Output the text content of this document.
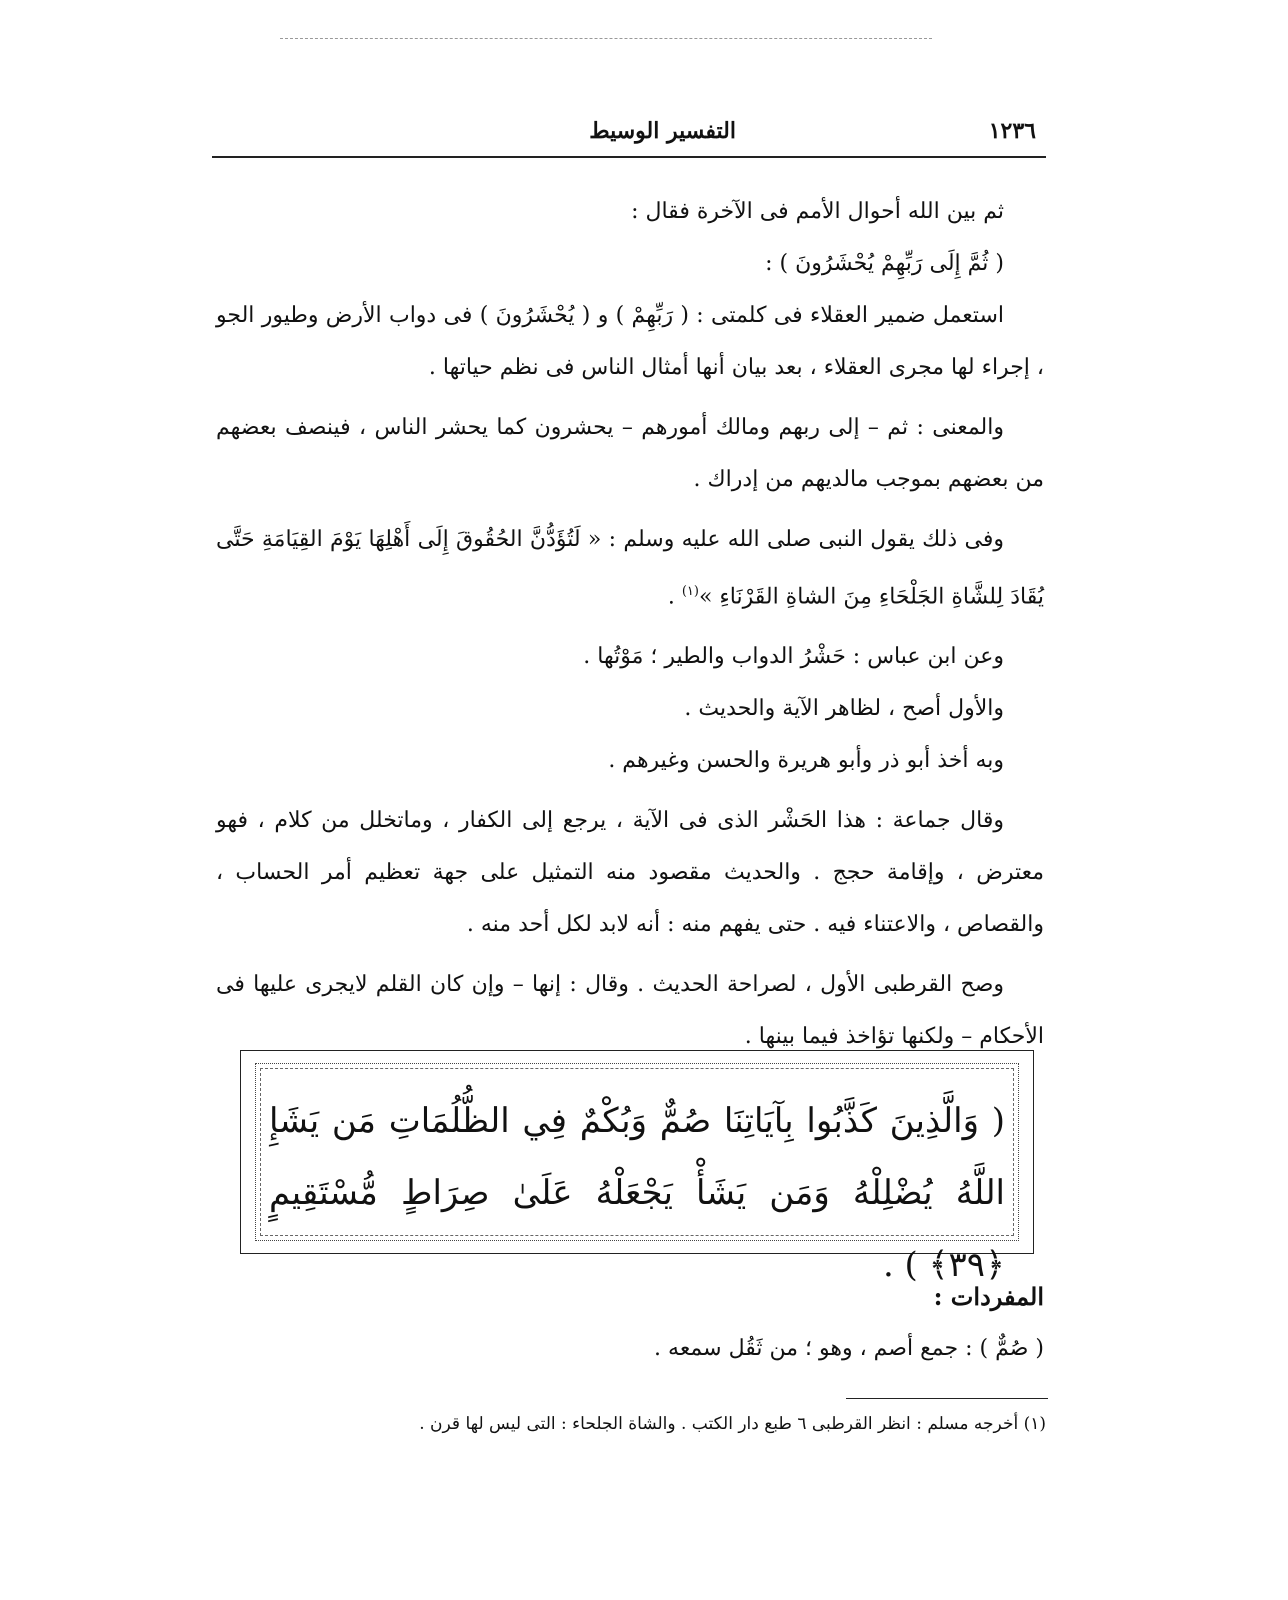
١٢٣٦
التفسير الوسيط

ثم بين الله أحوال الأمم فى الآخرة فقال :

( ثُمَّ إِلَى رَبِّهِمْ يُحْشَرُونَ ) :

استعمل ضمير العقلاء فى كلمتى : ( رَبِّهِمْ ) و ( يُحْشَرُونَ ) فى دواب الأرض وطيور الجو ، إجراء لها مجرى العقلاء ، بعد بيان أنها أمثال الناس فى نظم حياتها .

والمعنى : ثم – إلى ربهم ومالك أمورهم – يحشرون كما يحشر الناس ، فينصف بعضهم من بعضهم بموجب مالديهم من إدراك .

وفى ذلك يقول النبى صلى الله عليه وسلم : « لَتُؤَدُّنَّ الحُقُوقَ إِلَى أَهْلِهَا يَوْمَ القِيَامَةِ حَتَّى يُقَادَ لِلشَّاةِ الجَلْحَاءِ مِنَ الشاةِ القَرْنَاءِ »$^{(١)}$ .

وعن ابن عباس : حَشْرُ الدواب والطير ؛ مَوْتُها .

والأول أصح ، لظاهر الآية والحديث .

وبه أخذ أبو ذر وأبو هريرة والحسن وغيرهم .

وقال جماعة : هذا الحَشْر الذى فى الآية ، يرجع إلى الكفار ، وماتخلل من كلام ، فهو معترض ، وإقامة حجج . والحديث مقصود منه التمثيل على جهة تعظيم أمر الحساب ، والقصاص ، والاعتناء فيه . حتى يفهم منه : أنه لابد لكل أحد منه .

وصح القرطبى الأول ، لصراحة الحديث . وقال : إنها – وإن كان القلم لايجرى عليها فى الأحكام – ولكنها تؤاخذ فيما بينها .

( وَالَّذِينَ كَذَّبُوا بِآيَاتِنَا صُمٌّ وَبُكْمٌ فِي الظُّلُمَاتِ مَن يَشَإِ اللَّهُ يُضْلِلْهُ وَمَن يَشَأْ يَجْعَلْهُ عَلَىٰ صِرَاطٍ مُّسْتَقِيمٍ ﴿٣٩﴾ ) .
المفردات :
( صُمٌّ ) : جمع أصم ، وهو ؛ من ثَقُل سمعه .
(١) أخرجه مسلم : انظر القرطبى ٦ طبع دار الكتب . والشاة الجلحاء : التى ليس لها قرن .
